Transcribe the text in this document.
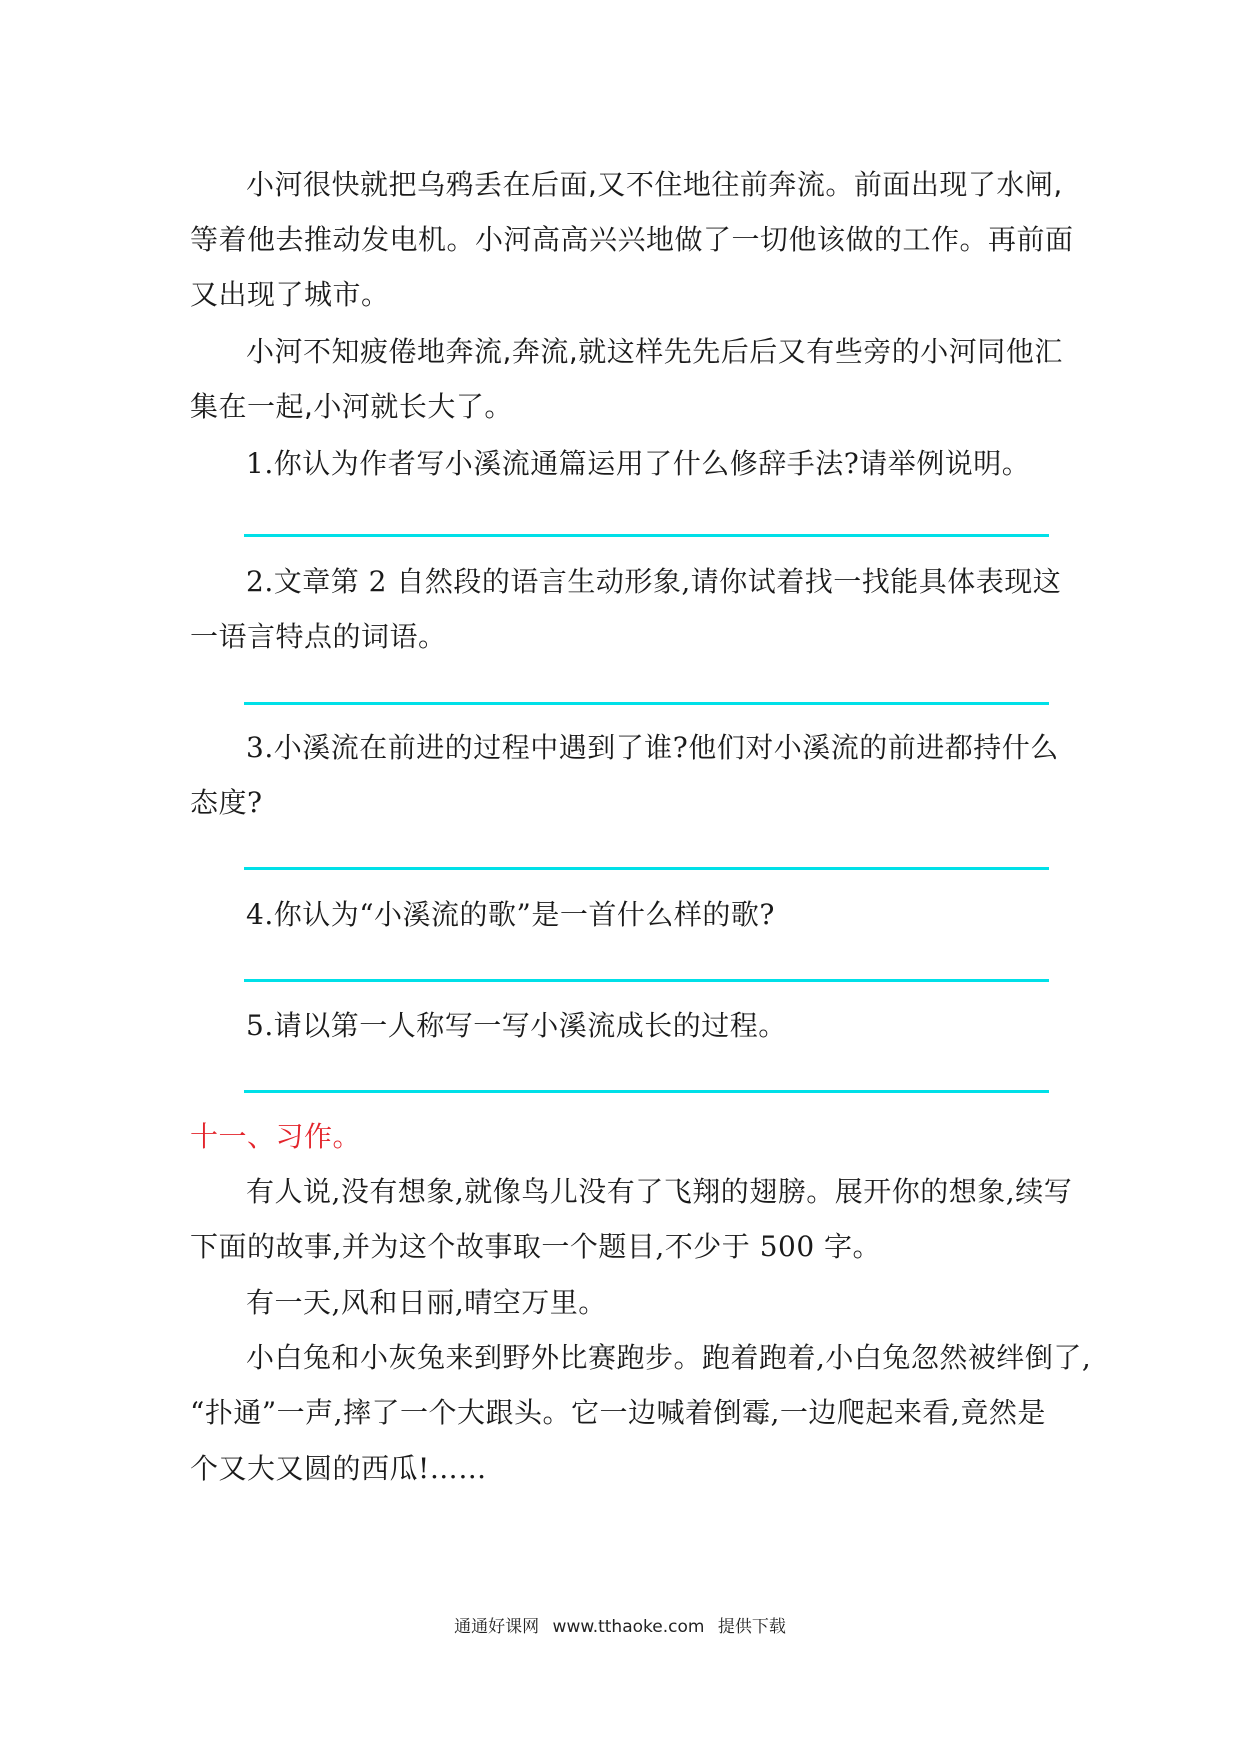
小河很快就把乌鸦丢在后面,又不住地往前奔流。前面出现了水闸,
等着他去推动发电机。小河高高兴兴地做了一切他该做的工作。再前面
又出现了城市。
小河不知疲倦地奔流,奔流,就这样先先后后又有些旁的小河同他汇
集在一起,小河就长大了。
1.你认为作者写小溪流通篇运用了什么修辞手法?请举例说明。
2.文章第 2 自然段的语言生动形象,请你试着找一找能具体表现这
一语言特点的词语。
3.小溪流在前进的过程中遇到了谁?他们对小溪流的前进都持什么
态度?
4.你认为“小溪流的歌”是一首什么样的歌?
5.请以第一人称写一写小溪流成长的过程。
十一、习作。
有人说,没有想象,就像鸟儿没有了飞翔的翅膀。展开你的想象,续写
下面的故事,并为这个故事取一个题目,不少于 500 字。
有一天,风和日丽,晴空万里。
小白兔和小灰兔来到野外比赛跑步。跑着跑着,小白兔忽然被绊倒了,
“扑通”一声,摔了一个大跟头。它一边喊着倒霉,一边爬起来看,竟然是
个又大又圆的西瓜!……
通通好课网 www.tthaoke.com 提供下载
